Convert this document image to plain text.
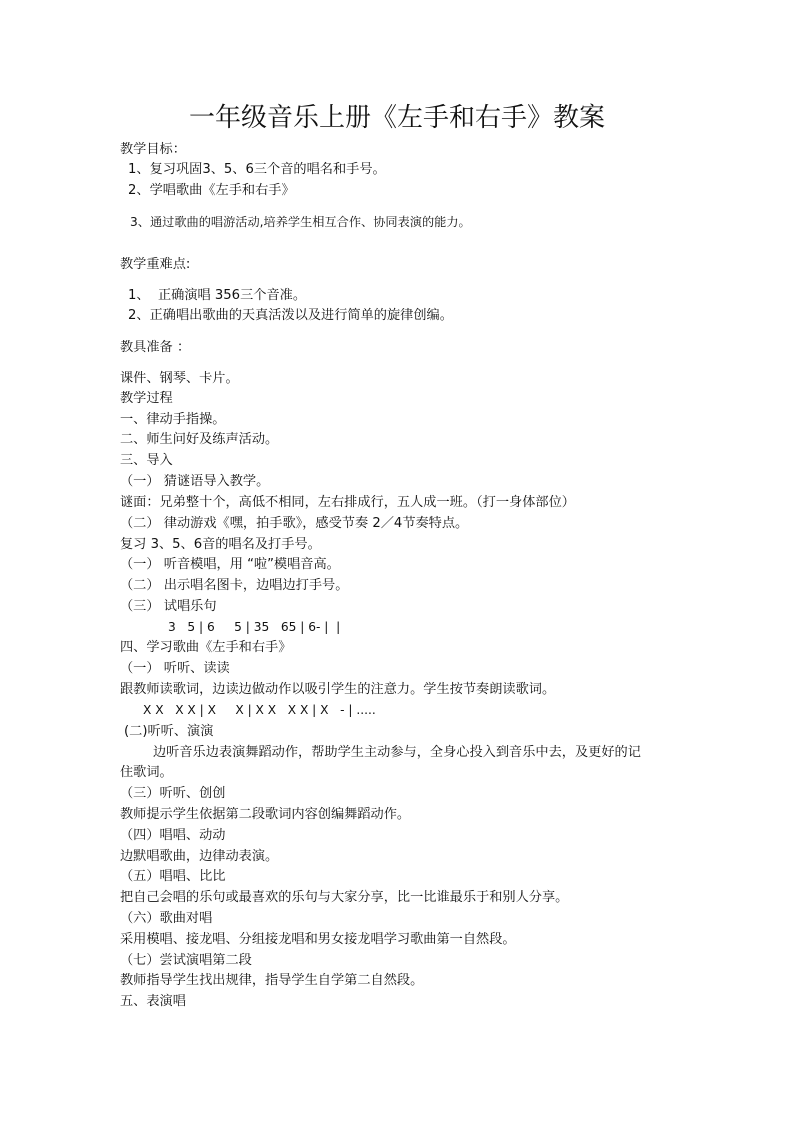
一年级音乐上册《左手和右手》教案
教学目标：
1、复习巩固3、5、6三个音的唱名和手号。
2、学唱歌曲《左手和右手》
3、通过歌曲的唱游活动,培养学生相互合作、协同表演的能力。
教学重难点:
1、  正确演唱 356三个音准。
2、正确唱出歌曲的天真活泼以及进行简单的旋律创编。
教具准备 ：
课件、钢琴、卡片。
教学过程
一、律动手指操。
二、师生问好及练声活动。
三、导入
（一） 猜谜语导入教学。
谜面：兄弟整十个，高低不相同，左右排成行，五人成一班。（打一身体部位）
（二） 律动游戏《嘿，拍手歌》，感受节奏 2／4节奏特点。
复习 3、5、6音的唱名及打手号。
（一） 听音模唱，用 “啦”模唱音高。
（二） 出示唱名图卡，边唱边打手号。
（三） 试唱乐句
3   5 | 6     5 | 35   65 | 6- |  |
四、学习歌曲《左手和右手》
（一） 听听、读读
跟教师读歌词，边读边做动作以吸引学生的注意力。学生按节奏朗读歌词。
X X   X X | X     X | X X   X X | X   - | .....
(二)听听、演演
边听音乐边表演舞蹈动作，帮助学生主动参与，全身心投入到音乐中去，及更好的记
住歌词。
（三）听听、创创
教师提示学生依据第二段歌词内容创编舞蹈动作。
（四）唱唱、动动
边默唱歌曲，边律动表演。
（五）唱唱、比比
把自己会唱的乐句或最喜欢的乐句与大家分享，比一比谁最乐于和别人分享。
（六）歌曲对唱
采用模唱、接龙唱、分组接龙唱和男女接龙唱学习歌曲第一自然段。
（七）尝试演唱第二段
教师指导学生找出规律，指导学生自学第二自然段。
五、表演唱
